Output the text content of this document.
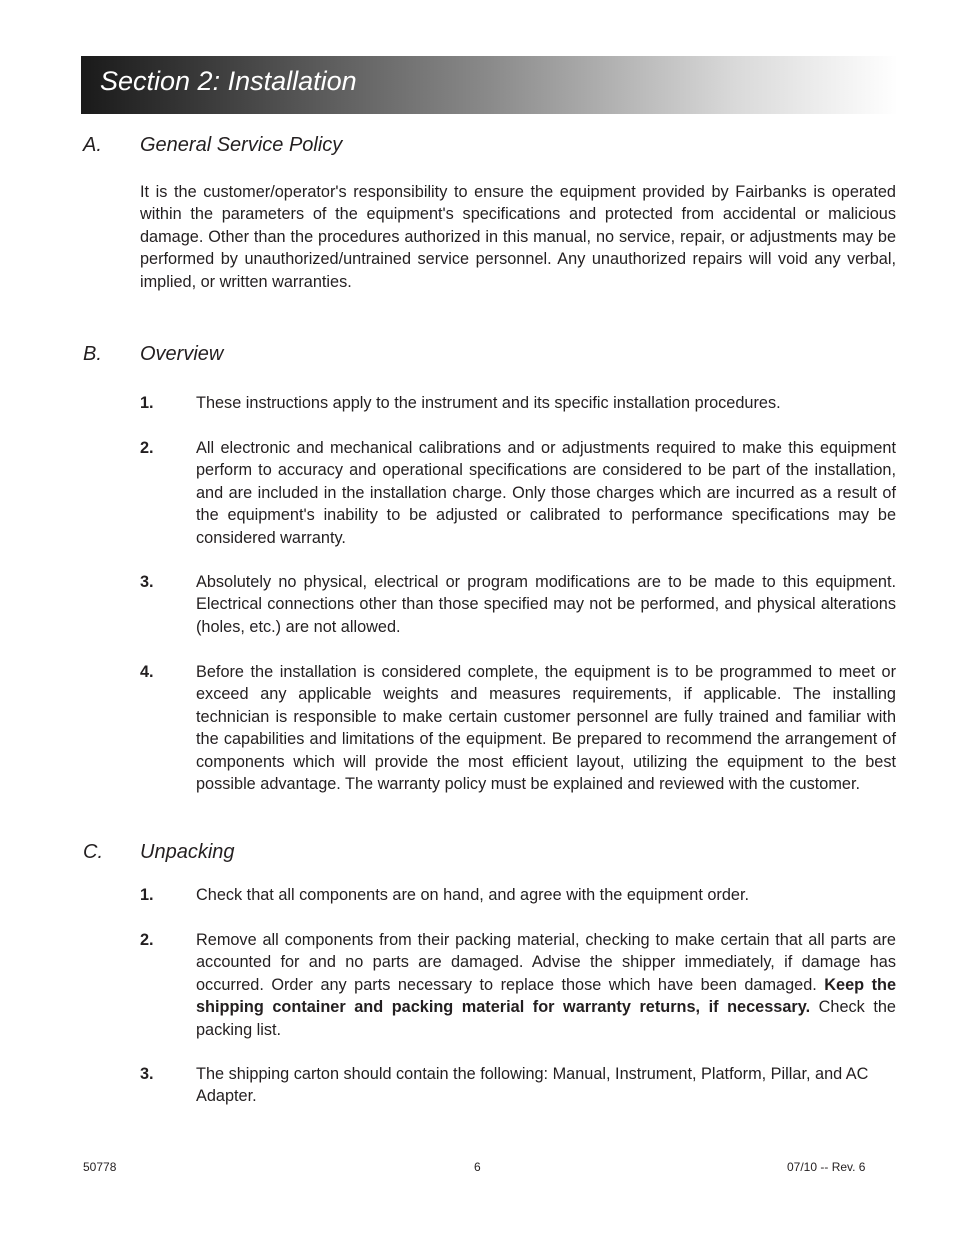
Section 2: Installation
A. General Service Policy
It is the customer/operator's responsibility to ensure the equipment provided by Fairbanks is operated within the parameters of the equipment's specifications and protected from accidental or malicious damage. Other than the procedures authorized in this manual, no service, repair, or adjustments may be performed by unauthorized/untrained service personnel. Any unauthorized repairs will void any verbal, implied, or written warranties.
B. Overview
1.	These instructions apply to the instrument and its specific installation procedures.
2.	All electronic and mechanical calibrations and or adjustments required to make this equipment perform to accuracy and operational specifications are considered to be part of the installation, and are included in the installation charge. Only those charges which are incurred as a result of the equipment's inability to be adjusted or calibrated to performance specifications may be considered warranty.
3.	Absolutely no physical, electrical or program modifications are to be made to this equipment. Electrical connections other than those specified may not be performed, and physical alterations (holes, etc.) are not allowed.
4.	Before the installation is considered complete, the equipment is to be programmed to meet or exceed any applicable weights and measures requirements, if applicable. The installing technician is responsible to make certain customer personnel are fully trained and familiar with the capabilities and limitations of the equipment. Be prepared to recommend the arrangement of components which will provide the most efficient layout, utilizing the equipment to the best possible advantage. The warranty policy must be explained and reviewed with the customer.
C. Unpacking
1.	Check that all components are on hand, and agree with the equipment order.
2.	Remove all components from their packing material, checking to make certain that all parts are accounted for and no parts are damaged. Advise the shipper immediately, if damage has occurred. Order any parts necessary to replace those which have been damaged. Keep the shipping container and packing material for warranty returns, if necessary. Check the packing list.
3.	The shipping carton should contain the following: Manual, Instrument, Platform, Pillar, and AC Adapter.
50778	6	07/10 -- Rev. 6
